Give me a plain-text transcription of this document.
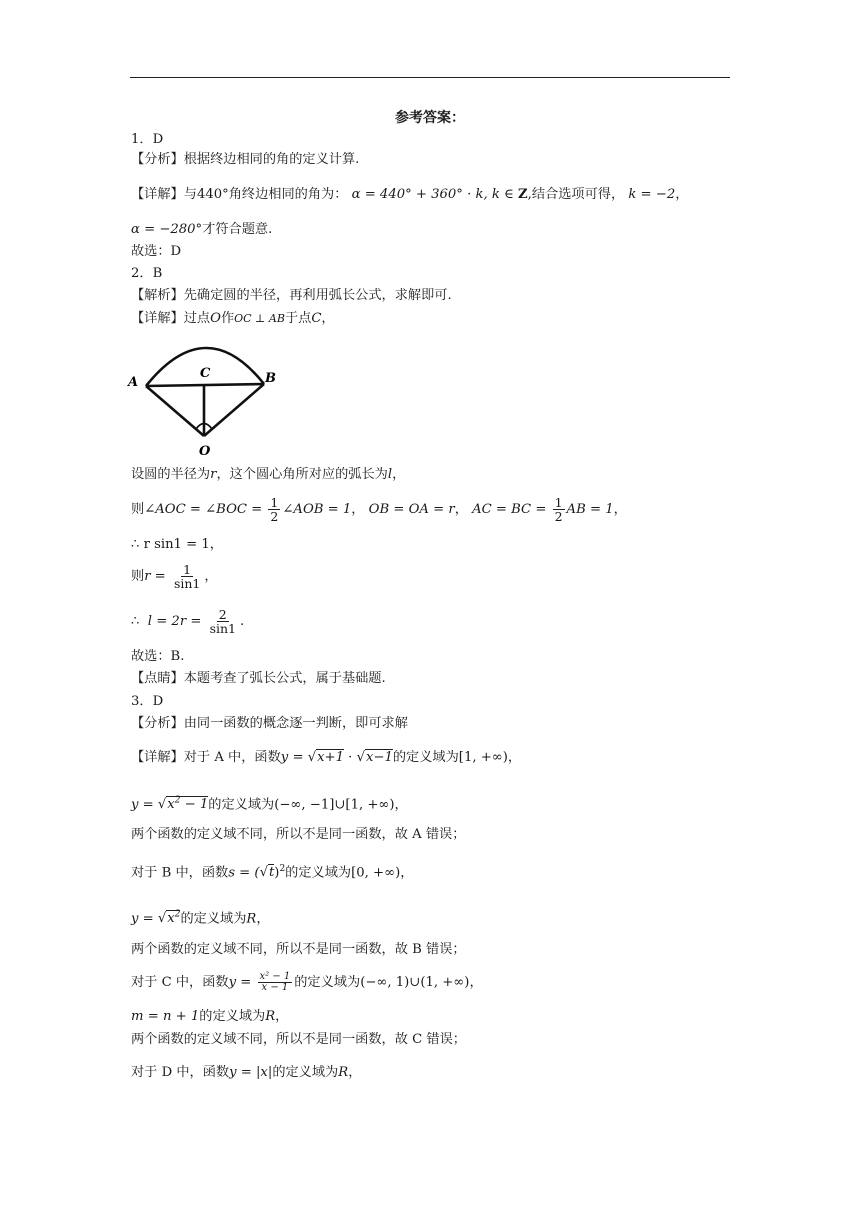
参考答案：
1．D
【分析】根据终边相同的角的定义计算.
【详解】与440°角终边相同的角为： α = 440° + 360° · k, k ∈ Z,结合选项可得， k = −2，
α = −280°才符合题意.
故选：D
2．B
【解析】先确定圆的半径，再利用弧长公式，求解即可.
【详解】过点O作OC ⊥ AB于点C，
A	B
C
O
设圆的半径为r，这个圆心角所对应的弧长为l，
则∠AOC = ∠BOC = $\frac{1}{2}$ ∠AOB = 1， OB = OA = r， AC = BC = $\frac{1}{2}$ AB = 1，
∴ r sin1 = 1，
则$r = \frac{1}{\sin 1}$ ，
∴ $l = 2r = \frac{2}{\sin 1}$ .
故选：B.
【点睛】本题考查了弧长公式，属于基础题.
3．D
【分析】由同一函数的概念逐一判断，即可求解
【详解】对于 A 中，函数y = √ x+1 · √ x−1的定义域为[1, +∞)，
y = √ $x^2 - 1$的定义域为(−∞, −1]∪[1, +∞)，
两个函数的定义域不同，所以不是同一函数，故 A 错误；
对于 B 中，函数s = (√ t)$^2$的定义域为[0, +∞)，
y = √ $x^2$的定义域为R，
两个函数的定义域不同，所以不是同一函数，故 B 错误；
对于 C 中，函数$y = \frac{\text{x² − 1}}{x - 1}$ 的定义域为(−∞, 1)∪(1, +∞)，
m = n + 1的定义域为R，
两个函数的定义域不同，所以不是同一函数，故 C 错误；
对于 D 中，函数y = |x|的定义域为R，
